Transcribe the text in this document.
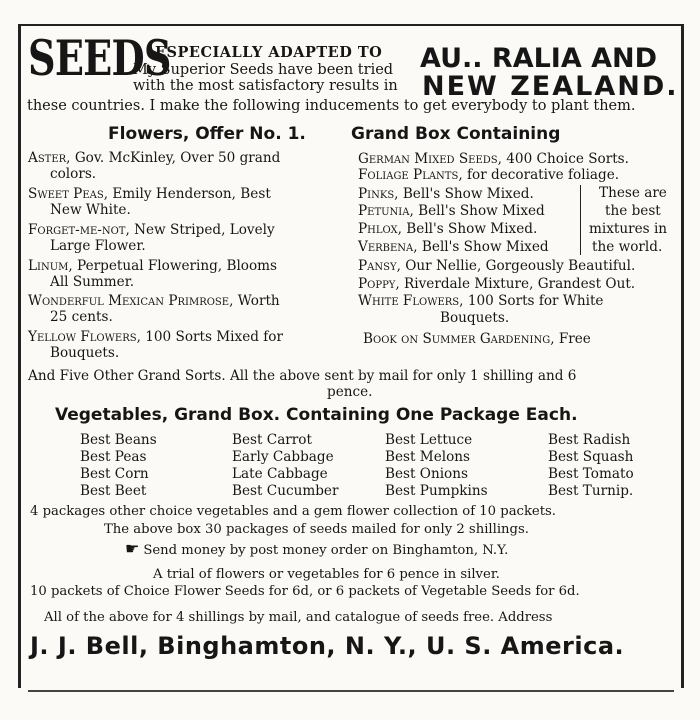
SEEDS
ESPECIALLY ADAPTED TO
My Superior Seeds have been tried
with the most satisfactory results in
AU.. RALIA AND
NEW ZEALAND.
these countries. I make the following inducements to get everybody to plant them.
Flowers, Offer No. 1.	Grand Box Containing
Aster, Gov. McKinley, Over 50 grand
colors.
Sweet Peas, Emily Henderson, Best
New White.
Forget-me-not, New Striped, Lovely
Large Flower.
Linum, Perpetual Flowering, Blooms
All Summer.
Wonderful Mexican Primrose, Worth
25 cents.
Yellow Flowers, 100 Sorts Mixed for
Bouquets.
German Mixed Seeds, 400 Choice Sorts.
Foliage Plants, for decorative foliage.
Pinks, Bell's Show Mixed.
Petunia, Bell's Show Mixed
Phlox, Bell's Show Mixed.
Verbena, Bell's Show Mixed
Pansy, Our Nellie, Gorgeously Beautiful.
Poppy, Riverdale Mixture, Grandest Out.
White Flowers, 100 Sorts for White
Bouquets.
Book on Summer Gardening, Free
These are
the best
mixtures in
the world.
And Five Other Grand Sorts. All the above sent by mail for only 1 shilling and 6
pence.
Vegetables, Grand Box. Containing One Package Each.
Best Beans
Best Peas
Best Corn
Best Beet
Best Carrot
Early Cabbage
Late Cabbage
Best Cucumber
Best Lettuce
Best Melons
Best Onions
Best Pumpkins
Best Radish
Best Squash
Best Tomato
Best Turnip.
4 packages other choice vegetables and a gem flower collection of 10 packets.
The above box 30 packages of seeds mailed for only 2 shillings.
☛ Send money by post money order on Binghamton, N.Y.
A trial of flowers or vegetables for 6 pence in silver.
10 packets of Choice Flower Seeds for 6d, or 6 packets of Vegetable Seeds for 6d.
All of the above for 4 shillings by mail, and catalogue of seeds free. Address
J. J. Bell, Binghamton, N. Y., U. S. America.
